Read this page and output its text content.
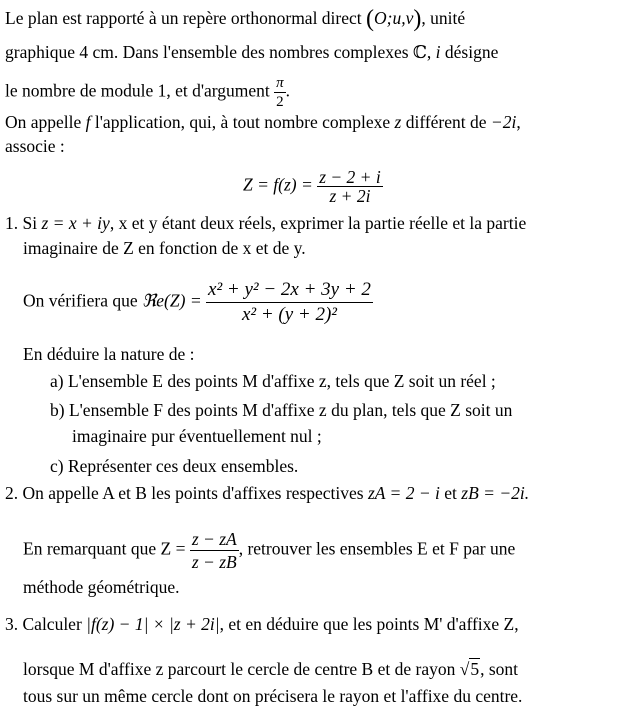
Le plan est rapporté à un repère orthonormal direct (O;u,v), unité
graphique 4 cm. Dans l'ensemble des nombres complexes ℂ, i désigne
le nombre de module 1, et d'argument $\frac{\pi}{2}$ .
On appelle f l'application, qui, à tout nombre complexe z différent de −2i,
associe :
$Z = f(z) = \frac{z - 2 + i}{z + 2i}$
1. Si z = x + iy, x et y étant deux réels, exprimer la partie réelle et la partie
imaginaire de Z en fonction de x et de y.
On vérifiera que ℜe(Z) = $\frac{\text{x² + y² − 2x + 3y + 2}}{\text{x² + (y + 2)²}}$
En déduire la nature de :
a) L'ensemble E des points M d'affixe z, tels que Z soit un réel ;
b) L'ensemble F des points M d'affixe z du plan, tels que Z soit un
imaginaire pur éventuellement nul ;
c) Représenter ces deux ensembles.
2. On appelle A et B les points d'affixes respectives zA = 2 − i et zB = −2i.
En remarquant que $Z = \frac{z - zA}{z - zB}$ , retrouver les ensembles E et F par une
méthode géométrique.
3. Calculer |f(z) − 1| × |z + 2i|, et en déduire que les points M' d'affixe Z,
lorsque M d'affixe z parcourt le cercle de centre B et de rayon √5, sont
tous sur un même cercle dont on précisera le rayon et l'affixe du centre.
